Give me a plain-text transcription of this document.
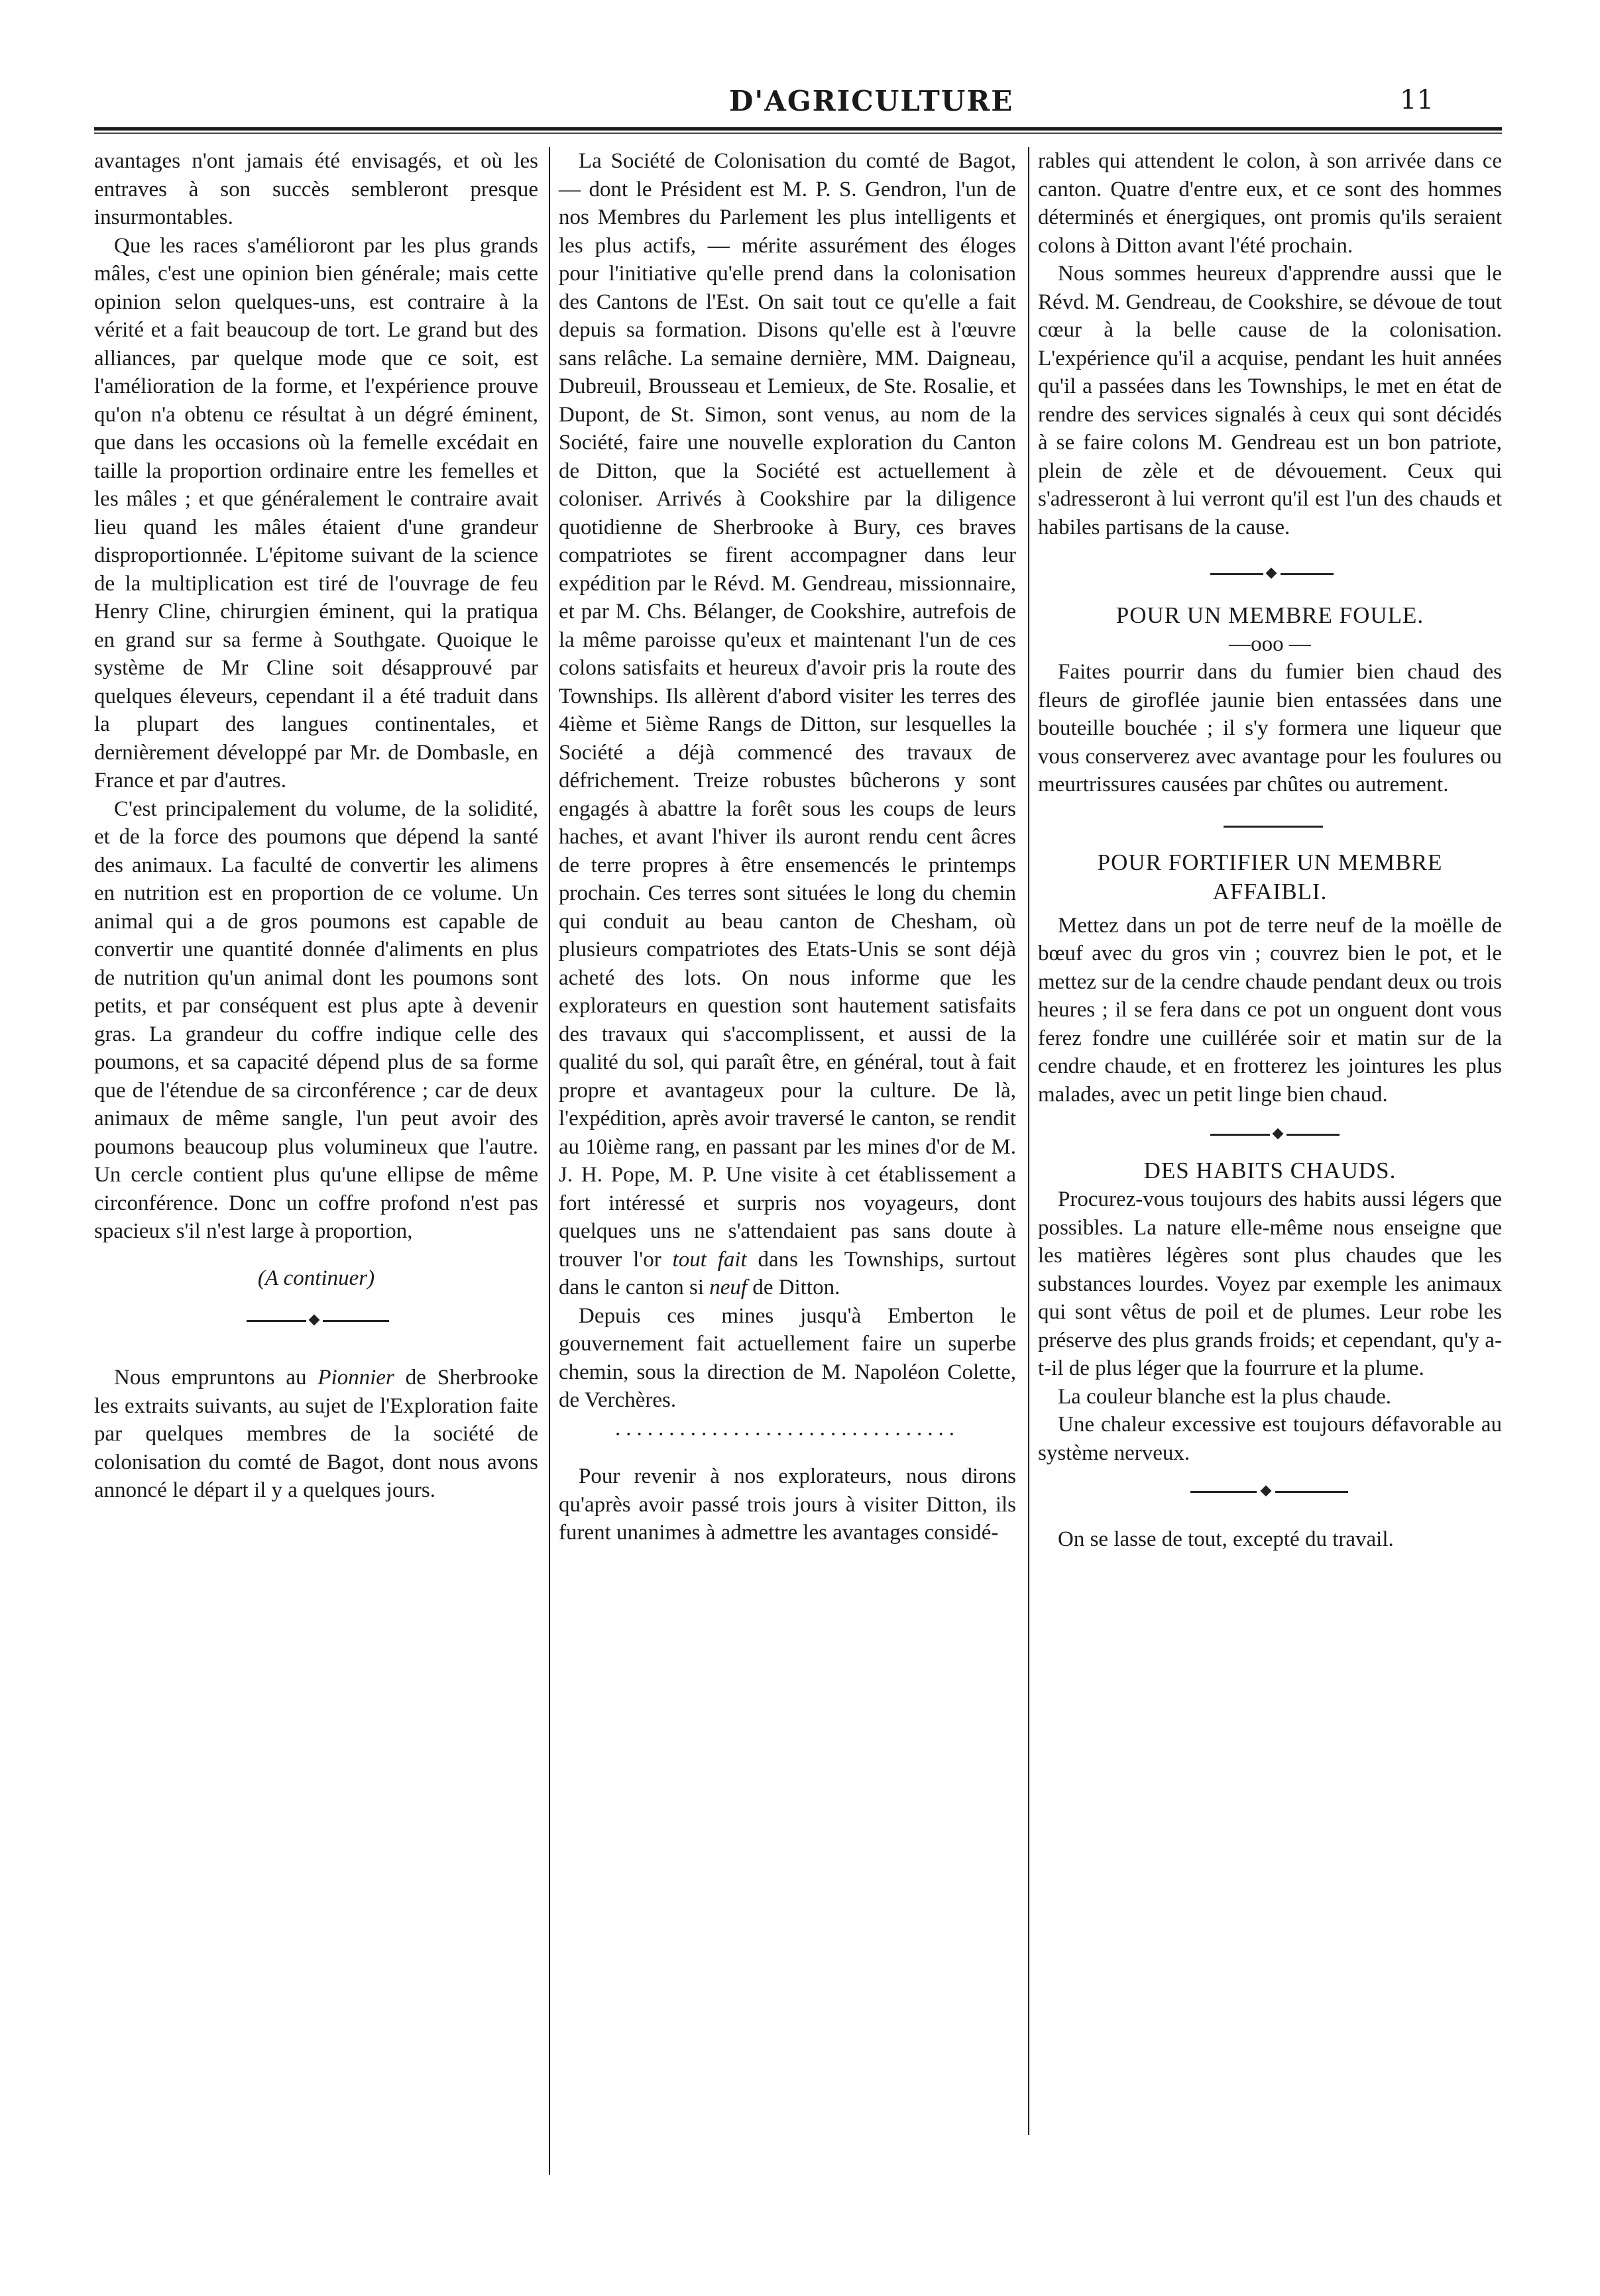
D'AGRICULTURE	11

avantages n'ont jamais été envisagés, et où les entraves à son succès sembleront presque insurmontables.

Que les races s'amélioront par les plus grands mâles, c'est une opinion bien générale; mais cette opinion selon quelques-uns, est contraire à la vérité et a fait beaucoup de tort. Le grand but des alliances, par quelque mode que ce soit, est l'amélioration de la forme, et l'expérience prouve qu'on n'a obtenu ce résultat à un dégré éminent, que dans les occasions où la femelle excédait en taille la proportion ordinaire entre les femelles et les mâles ; et que généralement le contraire avait lieu quand les mâles étaient d'une grandeur disproportionnée. L'épitome suivant de la science de la multiplication est tiré de l'ouvrage de feu Henry Cline, chirurgien éminent, qui la pratiqua en grand sur sa ferme à Southgate. Quoique le système de Mr Cline soit désapprouvé par quelques éleveurs, cependant il a été traduit dans la plupart des langues continentales, et dernièrement développé par Mr. de Dombasle, en France et par d'autres.

C'est principalement du volume, de la solidité, et de la force des poumons que dépend la santé des animaux. La faculté de convertir les alimens en nutrition est en proportion de ce volume. Un animal qui a de gros poumons est capable de convertir une quantité donnée d'aliments en plus de nutrition qu'un animal dont les poumons sont petits, et par conséquent est plus apte à devenir gras. La grandeur du coffre indique celle des poumons, et sa capacité dépend plus de sa forme que de l'étendue de sa circonférence ; car de deux animaux de même sangle, l'un peut avoir des poumons beaucoup plus volumineux que l'autre. Un cercle contient plus qu'une ellipse de même circonférence. Donc un coffre profond n'est pas spacieux s'il n'est large à proportion,

(A continuer)

Nous empruntons au Pionnier de Sherbrooke les extraits suivants, au sujet de l'Exploration faite par quelques membres de la société de colonisation du comté de Bagot, dont nous avons annoncé le départ il y a quelques jours.

La Société de Colonisation du comté de Bagot, — dont le Président est M. P. S. Gendron, l'un de nos Membres du Parlement les plus intelligents et les plus actifs, — mérite assurément des éloges pour l'initiative qu'elle prend dans la colonisation des Cantons de l'Est. On sait tout ce qu'elle a fait depuis sa formation. Disons qu'elle est à l'œuvre sans relâche. La semaine dernière, MM. Daigneau, Dubreuil, Brousseau et Lemieux, de Ste. Rosalie, et Dupont, de St. Simon, sont venus, au nom de la Société, faire une nouvelle exploration du Canton de Ditton, que la Société est actuellement à coloniser. Arrivés à Cookshire par la diligence quotidienne de Sherbrooke à Bury, ces braves compatriotes se firent accompagner dans leur expédition par le Révd. M. Gendreau, missionnaire, et par M. Chs. Bélanger, de Cookshire, autrefois de la même paroisse qu'eux et maintenant l'un de ces colons satisfaits et heureux d'avoir pris la route des Townships. Ils allèrent d'abord visiter les terres des 4ième et 5ième Rangs de Ditton, sur lesquelles la Société a déjà commencé des travaux de défrichement. Treize robustes bûcherons y sont engagés à abattre la forêt sous les coups de leurs haches, et avant l'hiver ils auront rendu cent âcres de terre propres à être ensemencés le printemps prochain. Ces terres sont situées le long du chemin qui conduit au beau canton de Chesham, où plusieurs compatriotes des Etats-Unis se sont déjà acheté des lots. On nous informe que les explorateurs en question sont hautement satisfaits des travaux qui s'accomplissent, et aussi de la qualité du sol, qui paraît être, en général, tout à fait propre et avantageux pour la culture. De là, l'expédition, après avoir traversé le canton, se rendit au 10ième rang, en passant par les mines d'or de M. J. H. Pope, M. P. Une visite à cet établissement a fort intéressé et surpris nos voyageurs, dont quelques uns ne s'attendaient pas sans doute à trouver l'or tout fait dans les Townships, surtout dans le canton si neuf de Ditton.

Depuis ces mines jusqu'à Emberton le gouvernement fait actuellement faire un superbe chemin, sous la direction de M. Napoléon Colette, de Verchères.

................................

Pour revenir à nos explorateurs, nous dirons qu'après avoir passé trois jours à visiter Ditton, ils furent unanimes à admettre les avantages considé-

rables qui attendent le colon, à son arrivée dans ce canton. Quatre d'entre eux, et ce sont des hommes déterminés et énergiques, ont promis qu'ils seraient colons à Ditton avant l'été prochain.

Nous sommes heureux d'apprendre aussi que le Révd. M. Gendreau, de Cookshire, se dévoue de tout cœur à la belle cause de la colonisation. L'expérience qu'il a acquise, pendant les huit années qu'il a passées dans les Townships, le met en état de rendre des services signalés à ceux qui sont décidés à se faire colons M. Gendreau est un bon patriote, plein de zèle et de dévouement. Ceux qui s'adresseront à lui verront qu'il est l'un des chauds et habiles partisans de la cause.

POUR UN MEMBRE FOULE.

—ooo —

Faites pourrir dans du fumier bien chaud des fleurs de giroflée jaunie bien entassées dans une bouteille bouchée ; il s'y formera une liqueur que vous conserverez avec avantage pour les foulures ou meurtrissures causées par chûtes ou autrement.

POUR FORTIFIER UN MEMBRE AFFAIBLI.

Mettez dans un pot de terre neuf de la moëlle de bœuf avec du gros vin ; couvrez bien le pot, et le mettez sur de la cendre chaude pendant deux ou trois heures ; il se fera dans ce pot un onguent dont vous ferez fondre une cuillérée soir et matin sur de la cendre chaude, et en frotterez les jointures les plus malades, avec un petit linge bien chaud.

DES HABITS CHAUDS.

Procurez-vous toujours des habits aussi légers que possibles. La nature elle-même nous enseigne que les matières légères sont plus chaudes que les substances lourdes. Voyez par exemple les animaux qui sont vêtus de poil et de plumes. Leur robe les préserve des plus grands froids; et cependant, qu'y a-t-il de plus léger que la fourrure et la plume.

La couleur blanche est la plus chaude.

Une chaleur excessive est toujours défavorable au système nerveux.

On se lasse de tout, excepté du travail.
